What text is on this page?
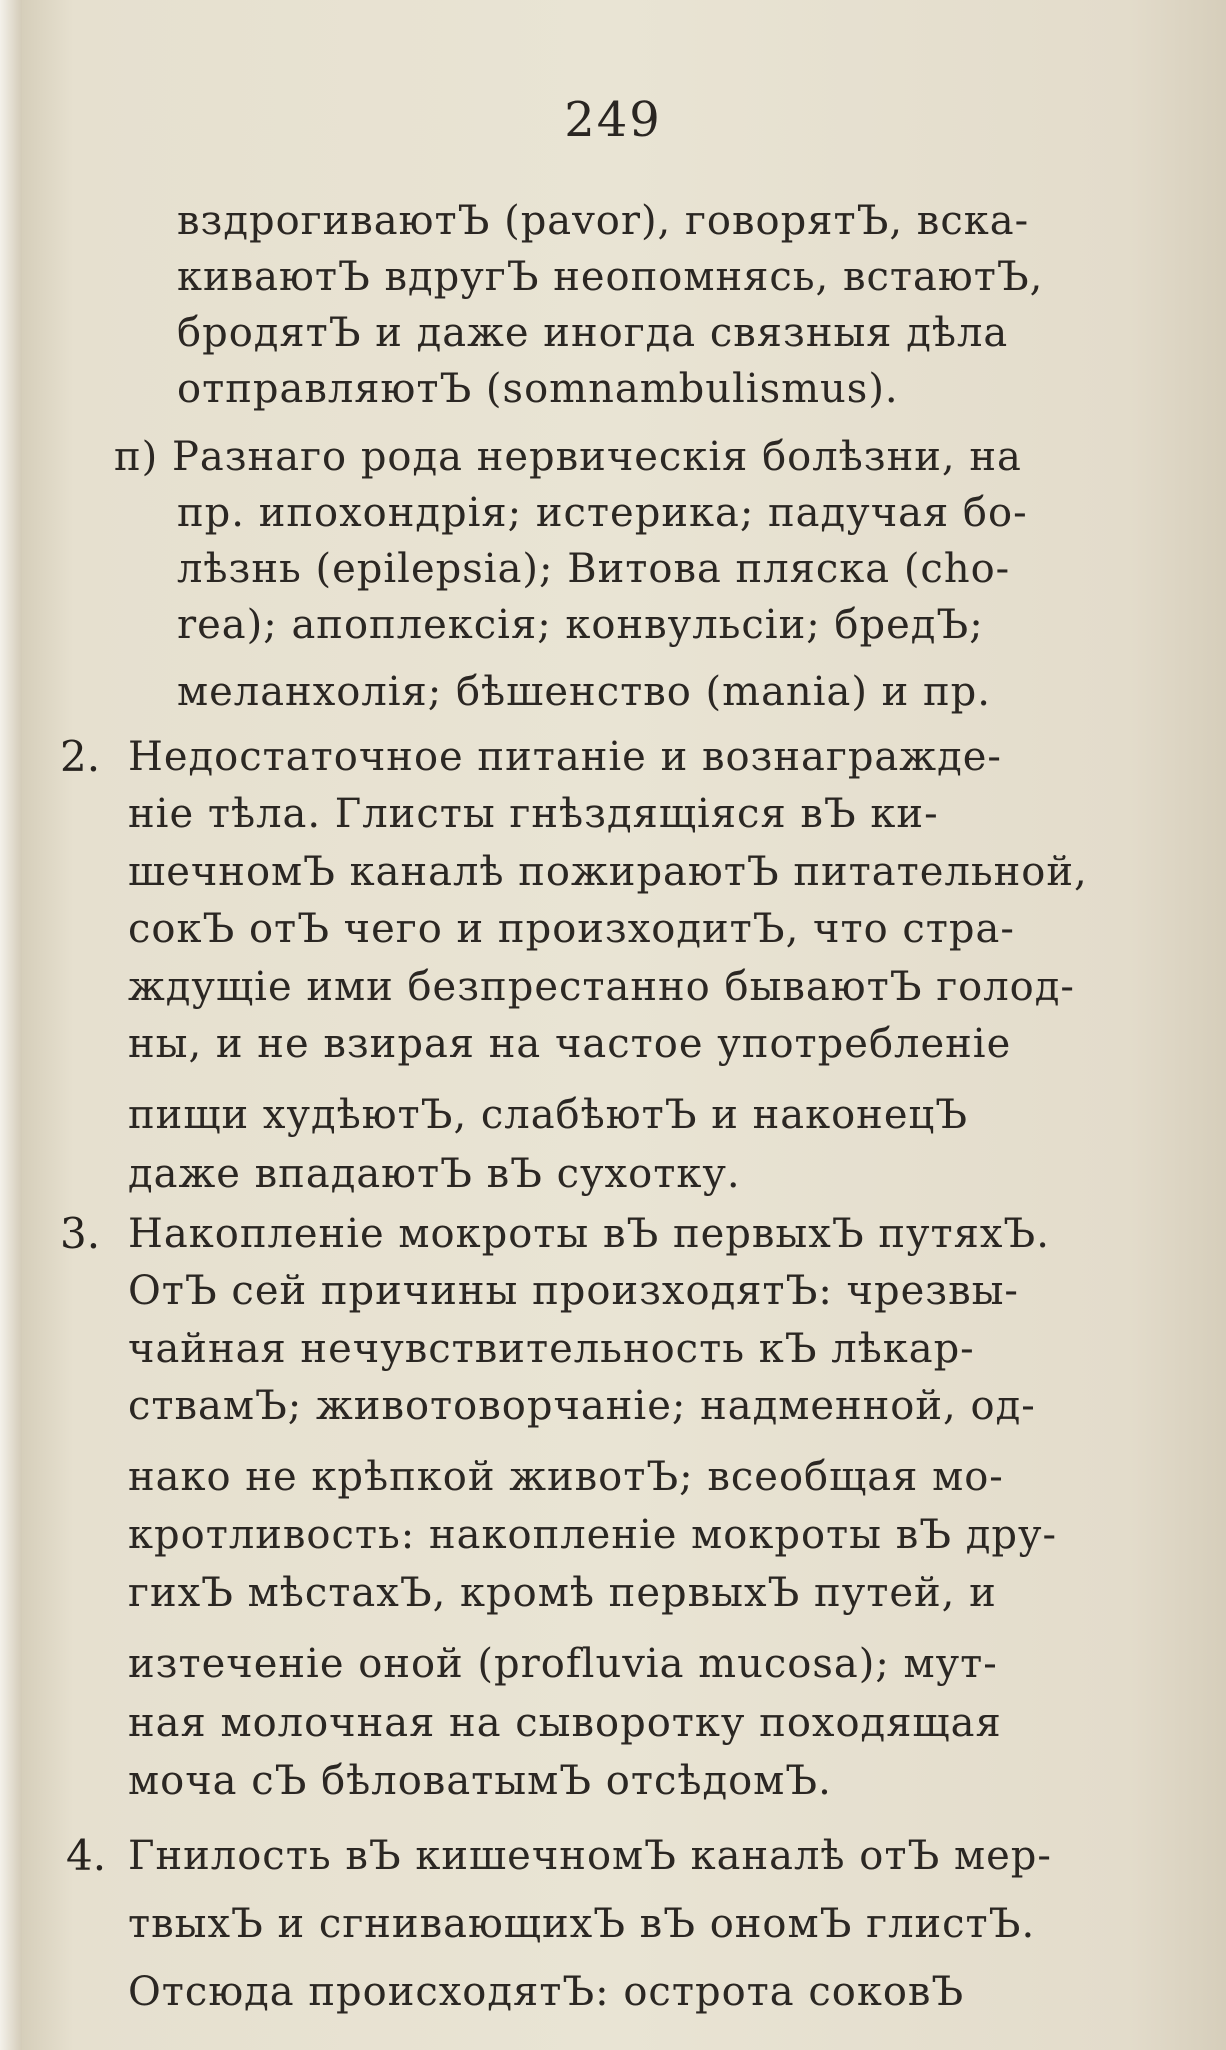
249
вздрогиваютЪ (pavor), говорятЪ, вска-
киваютЪ вдругЪ неопомнясь, встаютЪ,
бродятЪ и даже иногда связныя дѣла
отправляютЪ (somnambulismus).
п) Разнаго рода нервическія болѣзни, на
пр. ипохондрія; истерика; падучая бо-
лѣзнь (epilepsia); Витова пляска (cho-
rea); апоплексія; конвульсіи; бредЪ;
меланхолія; бѣшенство (mania) и пр.
2. Недостаточное питаніе и вознагражде-
ніе тѣла. Глисты гнѣздящіяся вЪ ки-
шечномЪ каналѣ пожираютЪ питательной,
сокЪ отЪ чего и произходитЪ, что стра-
ждущіе ими безпрестанно бываютЪ голод-
ны, и не взирая на частое употребленіе
пищи худѣютЪ, слабѣютЪ и наконецЪ
даже впадаютЪ вЪ сухотку.
3. Накопленіе мокроты вЪ первыхЪ путяхЪ.
ОтЪ сей причины произходятЪ: чрезвы-
чайная нечувствительность кЪ лѣкар-
ствамЪ; животоворчаніе; надменной, од-
нако не крѣпкой животЪ; всеобщая мо-
кротливость: накопленіе мокроты вЪ дру-
гихЪ мѣстахЪ, кромѣ первыхЪ путей, и
изтеченіе оной (profluvia mucosa); мут-
ная молочная на сыворотку походящая
моча сЪ бѣловатымЪ отсѣдомЪ.
4. Гнилость вЪ кишечномЪ каналѣ отЪ мер-
твыхЪ и сгнивающихЪ вЪ ономЪ глистЪ.
Отсюда происходятЪ: острота соковЪ
